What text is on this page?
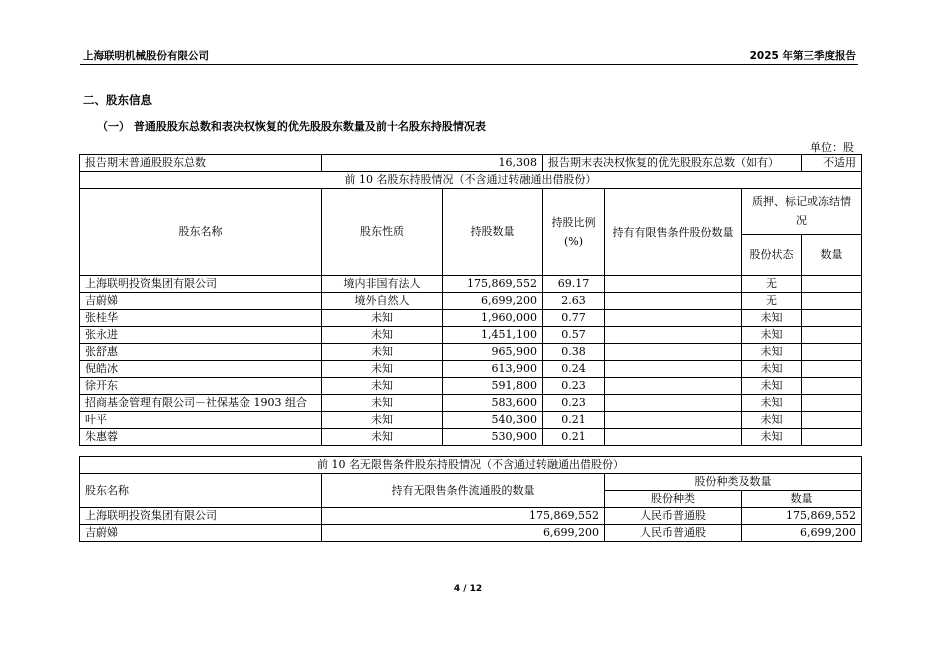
上海联明机械股份有限公司	2025 年第三季度报告
二、股东信息
（一） 普通股股东总数和表决权恢复的优先股股东数量及前十名股东持股情况表
单位：股
报告期末普通股股东总数	16,308		报告期末表决权恢复的优先股股东总数（如有）			不适用
前 10 名股东持股情况（不含通过转融通出借股份）						
股东名称	股东性质	持股数量	持股比例 (%)	持有有限售条件股份数量	质押、标记或冻结情况	
					股份状态	数量
上海联明投资集团有限公司	境内非国有法人	175,869,552	69.17		无	
吉蔚娣	境外自然人	6,699,200	2.63		无	
张桂华	未知	1,960,000	0.77		未知	
张永进	未知	1,451,100	0.57		未知	
张舒惠	未知	965,900	0.38		未知	
倪皓冰	未知	613,900	0.24		未知	
徐开东	未知	591,800	0.23		未知	
招商基金管理有限公司－社保基金 1903 组合	未知	583,600	0.23		未知	
叶平	未知	540,300	0.21		未知	
朱惠蓉	未知	530,900	0.21		未知	
前 10 名无限售条件股东持股情况（不含通过转融通出借股份）			
股东名称	持有无限售条件流通股的数量	股份种类及数量	
		股份种类	数量
上海联明投资集团有限公司	175,869,552	人民币普通股	175,869,552
吉蔚娣	6,699,200	人民币普通股	6,699,200
4 / 12
